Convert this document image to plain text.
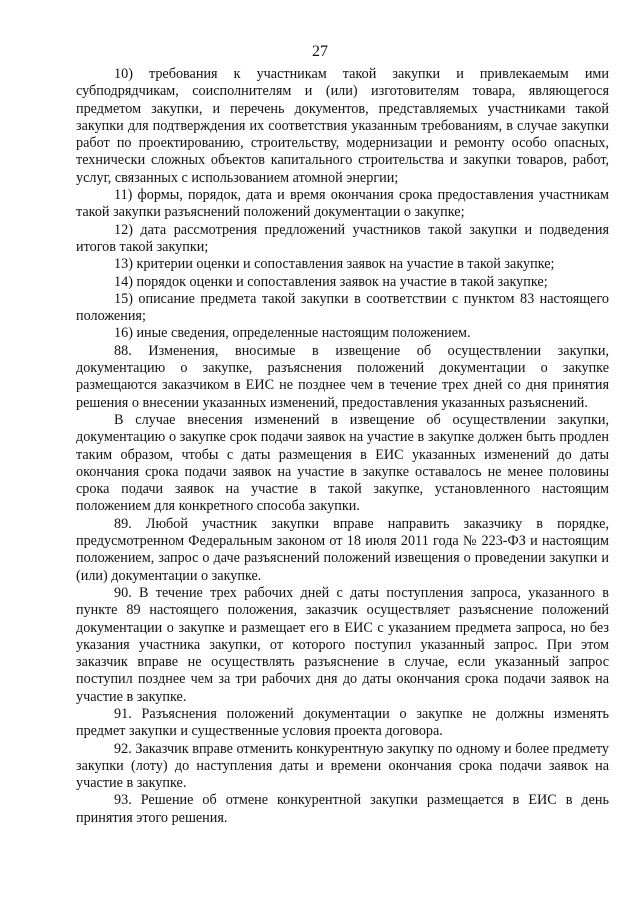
27

10) требования к участникам такой закупки и привлекаемым ими субподрядчикам, соисполнителям и (или) изготовителям товара, являющегося предметом закупки, и перечень документов, представляемых участниками такой закупки для подтверждения их соответствия указанным требованиям, в случае закупки работ по проектированию, строительству, модернизации и ремонту особо опасных, технически сложных объектов капитального строительства и закупки товаров, работ, услуг, связанных с использованием атомной энергии;

11) формы, порядок, дата и время окончания срока предоставления участникам такой закупки разъяснений положений документации о закупке;

12) дата рассмотрения предложений участников такой закупки и подведения итогов такой закупки;

13) критерии оценки и сопоставления заявок на участие в такой закупке;

14) порядок оценки и сопоставления заявок на участие в такой закупке;

15) описание предмета такой закупки в соответствии с пунктом 83 настоящего положения;

16) иные сведения, определенные настоящим положением.

88. Изменения, вносимые в извещение об осуществлении закупки, документацию о закупке, разъяснения положений документации о закупке размещаются заказчиком в ЕИС не позднее чем в течение трех дней со дня принятия решения о внесении указанных изменений, предоставления указанных разъяснений.

В случае внесения изменений в извещение об осуществлении закупки, документацию о закупке срок подачи заявок на участие в закупке должен быть продлен таким образом, чтобы с даты размещения в ЕИС указанных изменений до даты окончания срока подачи заявок на участие в закупке оставалось не менее половины срока подачи заявок на участие в такой закупке, установленного настоящим положением для конкретного способа закупки.

89. Любой участник закупки вправе направить заказчику в порядке, предусмотренном Федеральным законом от 18 июля 2011 года № 223-ФЗ и настоящим положением, запрос о даче разъяснений положений извещения о проведении закупки и (или) документации о закупке.

90. В течение трех рабочих дней с даты поступления запроса, указанного в пункте 89 настоящего положения, заказчик осуществляет разъяснение положений документации о закупке и размещает его в ЕИС с указанием предмета запроса, но без указания участника закупки, от которого поступил указанный запрос. При этом заказчик вправе не осуществлять разъяснение в случае, если указанный запрос поступил позднее чем за три рабочих дня до даты окончания срока подачи заявок на участие в закупке.

91. Разъяснения положений документации о закупке не должны изменять предмет закупки и существенные условия проекта договора.

92. Заказчик вправе отменить конкурентную закупку по одному и более предмету закупки (лоту) до наступления даты и времени окончания срока подачи заявок на участие в закупке.

93. Решение об отмене конкурентной закупки размещается в ЕИС в день принятия этого решения.
